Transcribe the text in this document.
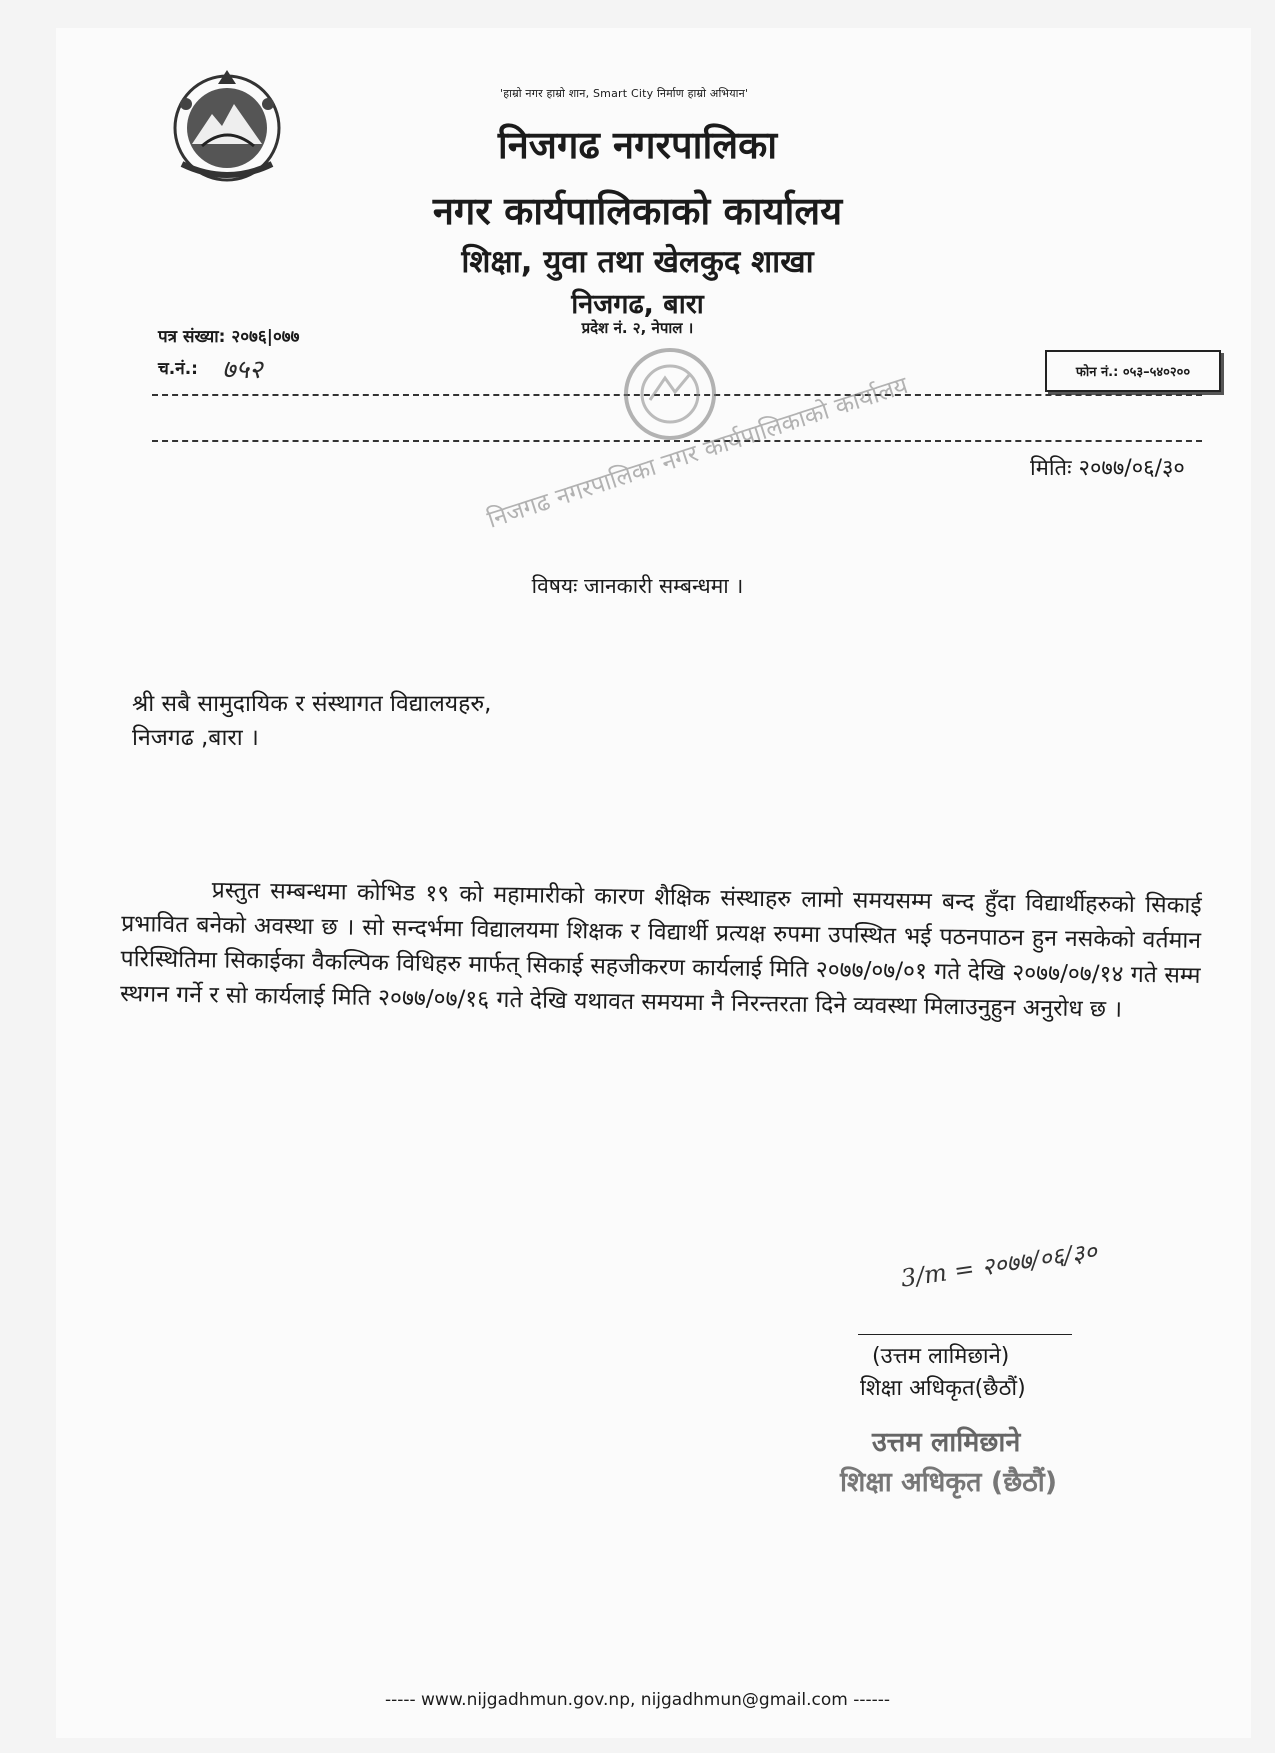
'हाम्रो नगर हाम्रो शान, Smart City निर्माण हाम्रो अभियान'
निजगढ नगरपालिका
नगर कार्यपालिकाको कार्यालय
शिक्षा, युवा तथा खेलकुद शाखा
निजगढ, बारा
प्रदेश नं. २, नेपाल ।
पत्र संख्या: २०७६|०७७
च.नं.: ७५२	फोन नं.: ०५३–५४०२००
निजगढ नगरपालिका नगर कार्यपालिकाको कार्यालय	मितिः २०७७/०६/३०
विषयः जानकारी सम्बन्धमा ।
श्री सबै सामुदायिक र संस्थागत विद्यालयहरु,
निजगढ ,बारा ।
प्रस्तुत सम्बन्धमा कोभिड १९ को महामारीको कारण शैक्षिक संस्थाहरु लामो समयसम्म बन्द हुँदा विद्यार्थीहरुको सिकाई प्रभावित बनेको अवस्था छ । सो सन्दर्भमा विद्यालयमा शिक्षक र विद्यार्थी प्रत्यक्ष रुपमा उपस्थित भई पठनपाठन हुन नसकेको वर्तमान परिस्थितिमा सिकाईका वैकल्पिक विधिहरु मार्फत् सिकाई सहजीकरण कार्यलाई मिति २०७७/०७/०१ गते देखि २०७७/०७/१४ गते सम्म स्थगन गर्ने र सो कार्यलाई मिति २०७७/०७/१६ गते देखि यथावत समयमा नै निरन्तरता दिने व्यवस्था मिलाउनुहुन अनुरोध छ ।
3/m = २०७७/०६/३०
(उत्तम लामिछाने)
शिक्षा अधिकृत(छैठौं)
उत्तम लामिछाने
शिक्षा अधिकृत (छैठौं)
----- www.nijgadhmun.gov.np, nijgadhmun@gmail.com ------
